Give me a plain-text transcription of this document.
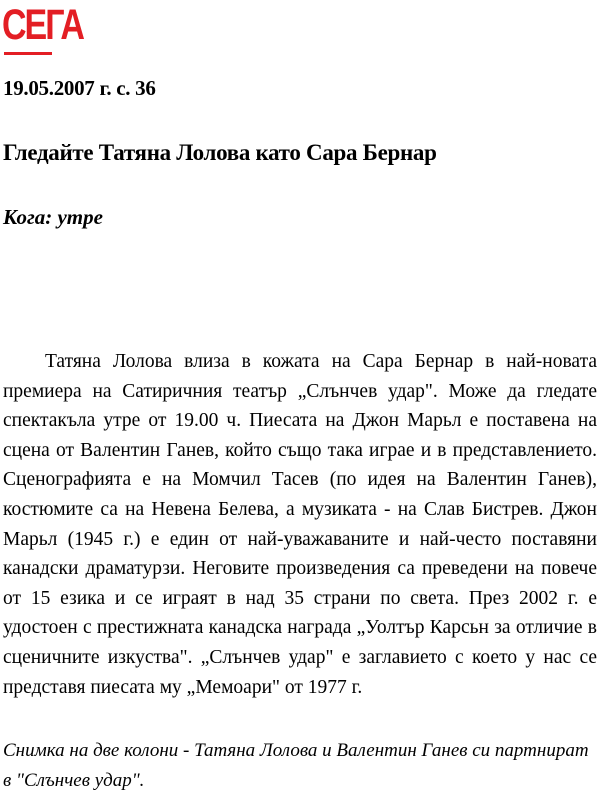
СЕГА
19.05.2007 г. с. 36
Гледайте Татяна Лолова като Сара Бернар
Кога: утре

Татяна Лолова влиза в кожата на Сара Бернар в най-новата премиера на Сатиричния театър „Слънчев удар". Може да гледате спектакъла утре от 19.00 ч. Пиесата на Джон Марьл е поставена на сцена от Валентин Ганев, който също така играе и в представлението. Сценографията е на Момчил Тасев (по идея на Валентин Ганев), костюмите са на Невена Белева, а музиката - на Слав Бистрев. Джон Марьл (1945 г.) е един от най-уважаваните и най-често поставяни канадски драматурзи. Неговите произведения са преведени на повече от 15 езика и се играят в над 35 страни по света. През 2002 г. е удостоен с престижната канадска награда „Уолтър Карсьн за отличие в сценичните изкуства". „Слънчев удар" е заглавието с което у нас се представя пиесата му „Мемоари" от 1977 г.

Снимка на две колони - Татяна Лолова и Валентин Ганев си партнират в "Слънчев удар".
